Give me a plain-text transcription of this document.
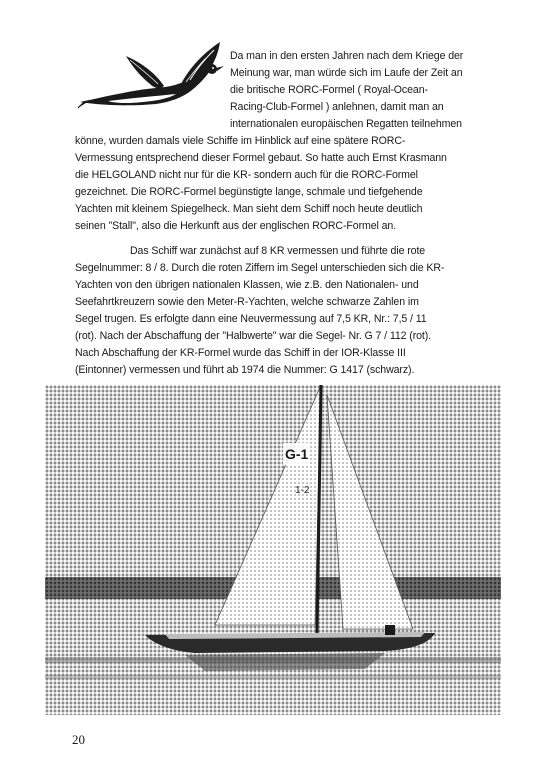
Da man in den ersten Jahren nach dem Kriege der
Meinung war, man würde sich im Laufe der Zeit an
die britische RORC-Formel ( Royal-Ocean-
Racing-Club-Formel ) anlehnen, damit man an
internationalen europäischen Regatten teilnehmen
könne, wurden damals viele Schiffe im Hinblick auf eine spätere RORC-
Vermessung entsprechend dieser Formel gebaut. So hatte auch Ernst Krasmann
die HELGOLAND nicht nur für die KR- sondern auch für die RORC-Formel
gezeichnet. Die RORC-Formel begünstigte lange, schmale und tiefgehende
Yachten mit kleinem Spiegelheck. Man sieht dem Schiff noch heute deutlich
seinen "Stall", also die Herkunft aus der englischen RORC-Formel an.
Das Schiff war zunächst auf 8 KR vermessen und führte die rote
Segelnummer: 8 / 8. Durch die roten Ziffern im Segel unterschieden sich die KR-
Yachten von den übrigen nationalen Klassen, wie z.B. den Nationalen- und
Seefahrtkreuzern sowie den Meter-R-Yachten, welche schwarze Zahlen im
Segel trugen. Es erfolgte dann eine Neuvermessung auf 7,5 KR, Nr.: 7,5 / 11
(rot). Nach der Abschaffung der "Halbwerte" war die Segel- Nr. G 7 / 112 (rot).
Nach Abschaffung der KR-Formel wurde das Schiff in der IOR-Klasse III
(Eintonner) vermessen und führt ab 1974 die Nummer: G 1417 (schwarz).
G-1
1-2
20
